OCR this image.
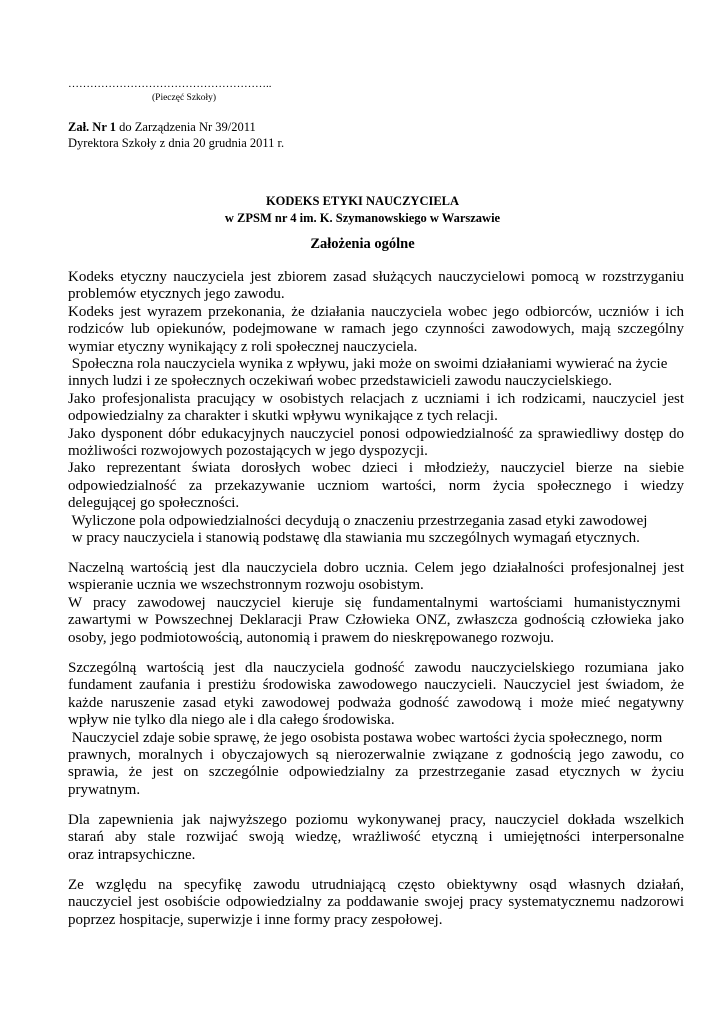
………………………………………………..
(Pieczęć Szkoły)
Zał. Nr 1 do Zarządzenia Nr 39/2011
Dyrektora Szkoły z dnia 20 grudnia 2011 r.
KODEKS ETYKI NAUCZYCIELA
w ZPSM nr 4 im. K. Szymanowskiego w Warszawie
Założenia ogólne
Kodeks etyczny nauczyciela jest zbiorem zasad służących nauczycielowi pomocą w rozstrzyganiu
problemów etycznych jego zawodu.
Kodeks jest wyrazem przekonania, że działania nauczyciela wobec jego odbiorców, uczniów i ich
rodziców lub opiekunów, podejmowane w ramach jego czynności zawodowych, mają szczególny
wymiar etyczny wynikający z roli społecznej nauczyciela.
Społeczna rola nauczyciela wynika z wpływu, jaki może on swoimi działaniami wywierać na życie
innych ludzi i ze społecznych oczekiwań wobec przedstawicieli zawodu nauczycielskiego.
Jako profesjonalista pracujący w osobistych relacjach z uczniami i ich rodzicami, nauczyciel jest
odpowiedzialny za charakter i skutki wpływu wynikające z tych relacji.
Jako dysponent dóbr edukacyjnych nauczyciel ponosi odpowiedzialność za sprawiedliwy dostęp do
możliwości rozwojowych pozostających w jego dyspozycji.
Jako reprezentant świata dorosłych wobec dzieci i młodzieży, nauczyciel bierze na siebie
odpowiedzialność za przekazywanie uczniom wartości, norm życia społecznego i wiedzy
delegującej go społeczności.
Wyliczone pola odpowiedzialności decydują o znaczeniu przestrzegania zasad etyki zawodowej
w pracy nauczyciela i stanowią podstawę dla stawiania mu szczególnych wymagań etycznych.
Naczelną wartością jest dla nauczyciela dobro ucznia. Celem jego działalności profesjonalnej jest
wspieranie ucznia we wszechstronnym rozwoju osobistym.
W pracy zawodowej nauczyciel kieruje się fundamentalnymi wartościami humanistycznymi
zawartymi w Powszechnej Deklaracji Praw Człowieka ONZ, zwłaszcza godnością człowieka jako
osoby, jego podmiotowością, autonomią i prawem do nieskrępowanego rozwoju.
Szczególną wartością jest dla nauczyciela godność zawodu nauczycielskiego rozumiana jako
fundament zaufania i prestiżu środowiska zawodowego nauczycieli. Nauczyciel jest świadom, że
każde naruszenie zasad etyki zawodowej podważa godność zawodową i może mieć negatywny
wpływ nie tylko dla niego ale i dla całego środowiska.
Nauczyciel zdaje sobie sprawę, że jego osobista postawa wobec wartości życia społecznego, norm
prawnych, moralnych i obyczajowych są nierozerwalnie związane z godnością jego zawodu, co
sprawia, że jest on szczególnie odpowiedzialny za przestrzeganie zasad etycznych w życiu
prywatnym.
Dla zapewnienia jak najwyższego poziomu wykonywanej pracy, nauczyciel dokłada wszelkich
starań aby stale rozwijać swoją wiedzę, wrażliwość etyczną i umiejętności interpersonalne
oraz intrapsychiczne.
Ze względu na specyfikę zawodu utrudniającą często obiektywny osąd własnych działań,
nauczyciel jest osobiście odpowiedzialny za poddawanie swojej pracy systematycznemu nadzorowi
poprzez hospitacje, superwizje i inne formy pracy zespołowej.
